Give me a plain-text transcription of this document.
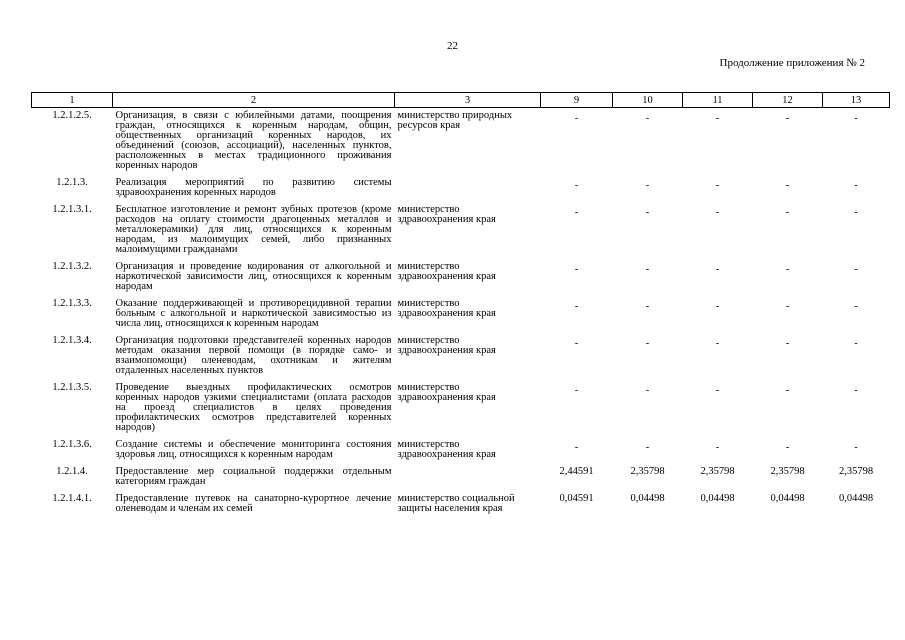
22
Продолжение приложения № 2
1	2	3	9	10	11	12	13
1.2.1.2.5.	Организация, в связи с юбилейными датами, поощрения граждан, относящихся к коренным народам, общин, общественных организаций коренных народов, их объединений (союзов, ассоциаций), населенных пунктов, расположенных в местах традиционного проживания коренных народов	министерство природных ресурсов края	-	-	-	-	-
1.2.1.3.	Реализация мероприятий по развитию системы здравоохранения коренных народов		-	-	-	-	-
1.2.1.3.1.	Бесплатное изготовление и ремонт зубных протезов (кроме расходов на оплату стоимости драгоценных металлов и металлокерамики) для лиц, относящихся к коренным народам, из малоимущих семей, либо признанных малоимущими гражданами	министерство здравоохранения края	-	-	-	-	-
1.2.1.3.2.	Организация и проведение кодирования от алкогольной и наркотической зависимости лиц, относящихся к коренным народам	министерство здравоохранения края	-	-	-	-	-
1.2.1.3.3.	Оказание поддерживающей и противорецидивной терапии больным с алкогольной и наркотической зависимостью из числа лиц, относящихся к коренным народам	министерство здравоохранения края	-	-	-	-	-
1.2.1.3.4.	Организация подготовки представителей коренных народов методам оказания первой помощи (в порядке само- и взаимопомощи) оленеводам, охотникам и жителям отдаленных населенных пунктов	министерство здравоохранения края	-	-	-	-	-
1.2.1.3.5.	Проведение выездных профилактических осмотров коренных народов узкими специалистами (оплата расходов на проезд специалистов в целях проведения профилактических осмотров представителей коренных народов)	министерство здравоохранения края	-	-	-	-	-
1.2.1.3.6.	Создание системы и обеспечение мониторинга состояния здоровья лиц, относящихся к коренным народам	министерство здравоохранения края	-	-	-	-	-
1.2.1.4.	Предоставление мер социальной поддержки отдельным категориям граждан		2,44591	2,35798	2,35798	2,35798	2,35798
1.2.1.4.1.	Предоставление путевок на санаторно-курортное лечение оленеводам и членам их семей	министерство социальной защиты населения края	0,04591	0,04498	0,04498	0,04498	0,04498
